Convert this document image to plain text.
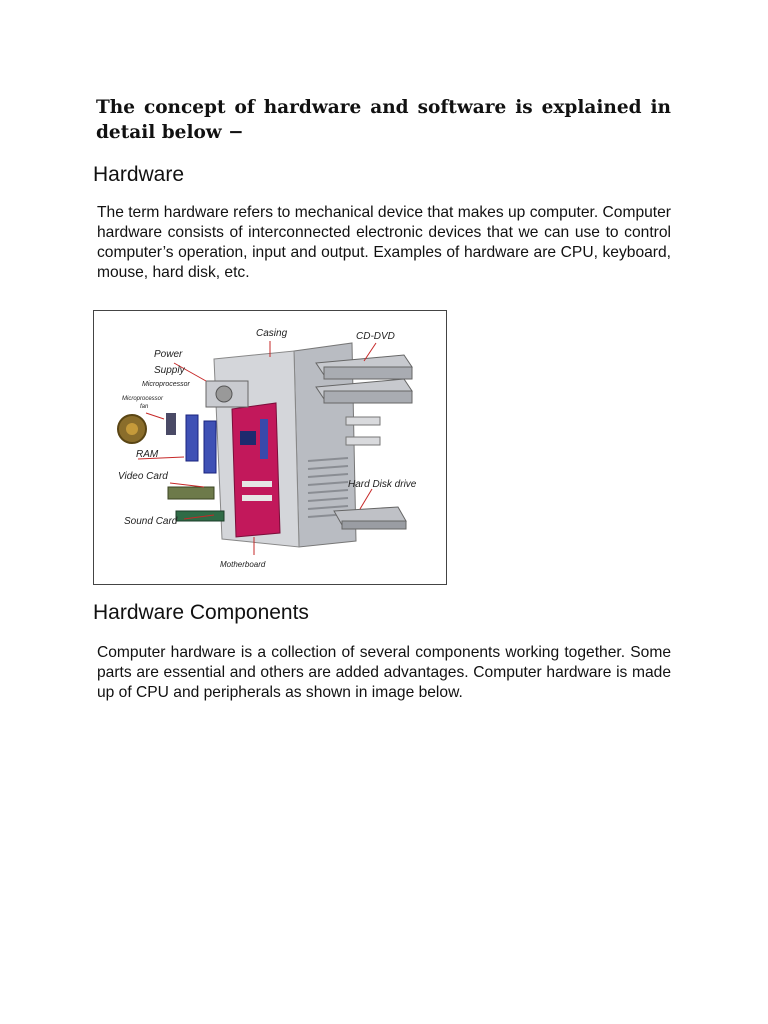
The concept of hardware and software is explained in detail below −

Hardware

The term hardware refers to mechanical device that makes up computer. Computer hardware consists of interconnected electronic devices that we can use to control computer’s operation, input and output. Examples of hardware are CPU, keyboard, mouse, hard disk, etc.

Casing	CD-DVD
Power
Supply
Microprocessor
Microprocessor
fan
RAM
Video Card
Sound Card
Hard Disk drive
Motherboard
Hardware Components

Computer hardware is a collection of several components working together. Some parts are essential and others are added advantages. Computer hardware is made up of CPU and peripherals as shown in image below.
